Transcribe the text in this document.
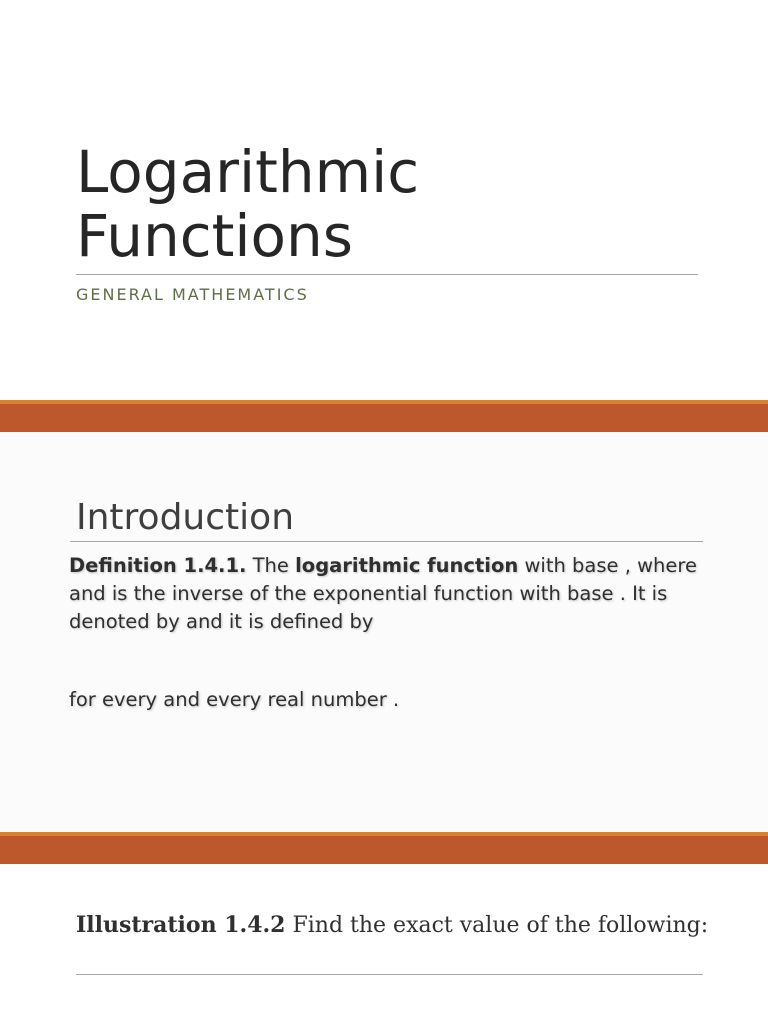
Logarithmic
Functions
GENERAL MATHEMATICS
Introduction

Definition 1.4.1. The logarithmic function with base , where and is the inverse of the exponential function with base . It is denoted by and it is defined by

for every and every real number .

Illustration 1.4.2 Find the exact value of the following:
